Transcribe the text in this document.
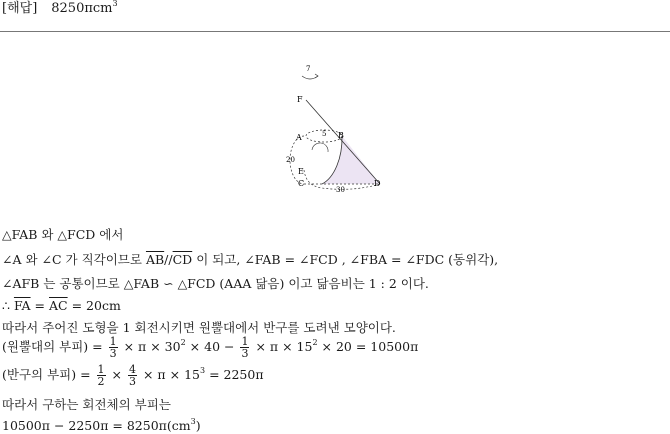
[해답] 8250πcm$^3$
7
F
A	5 B
20
E
C
30
D
△FAB 와 △FCD 에서
∠A 와 ∠C 가 직각이므로 $\overline{AB}//\overline{CD}$ 이 되고, ∠FAB = ∠FCD , ∠FBA = ∠FDC (동위각),
∠AFB 는 공통이므로 △FAB ∽ △FCD (AAA 닮음) 이고 닮음비는 1 : 2 이다.
∴ $\overline{FA} = \overline{AC} = 20cm$
따라서 주어진 도형을 1 회전시키면 원뿔대에서 반구를 도려낸 모양이다.
(원뿔대의 부피) = $\frac{1}{3} \times \pi \times 30^2 \times 40 - \frac{1}{3} \times \pi \times 15^2 \times 20 = 10500\pi$
(반구의 부피) = $\frac{1}{2} \times \frac{4}{3} \times \pi \times 15^3 = 2250\pi$
따라서 구하는 회전체의 부피는
$10500\pi - 2250\pi = 8250\pi(cm^3)$
